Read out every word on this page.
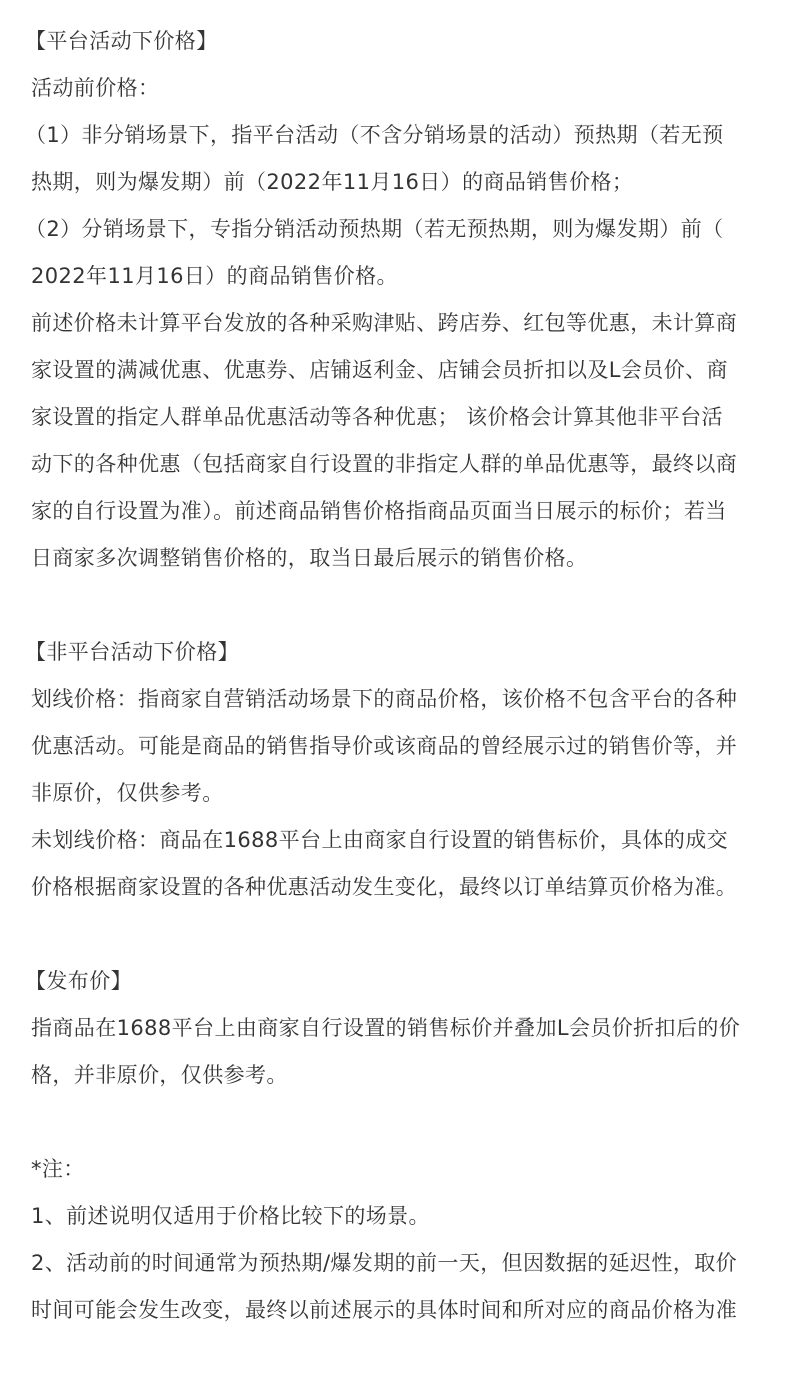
【平台活动下价格】
活动前价格：
（1）非分销场景下，指平台活动（不含分销场景的活动）预热期（若无预
热期，则为爆发期）前（2022年11月16日）的商品销售价格；
（2）分销场景下，专指分销活动预热期（若无预热期，则为爆发期）前（
2022年11月16日）的商品销售价格。
前述价格未计算平台发放的各种采购津贴、跨店券、红包等优惠，未计算商
家设置的满减优惠、优惠券、店铺返利金、店铺会员折扣以及L会员价、商
家设置的指定人群单品优惠活动等各种优惠； 该价格会计算其他非平台活
动下的各种优惠（包括商家自行设置的非指定人群的单品优惠等，最终以商
家的自行设置为准）。前述商品销售价格指商品页面当日展示的标价；若当
日商家多次调整销售价格的，取当日最后展示的销售价格。
【非平台活动下价格】
划线价格：指商家自营销活动场景下的商品价格，该价格不包含平台的各种
优惠活动。可能是商品的销售指导价或该商品的曾经展示过的销售价等，并
非原价，仅供参考。
未划线价格：商品在1688平台上由商家自行设置的销售标价，具体的成交
价格根据商家设置的各种优惠活动发生变化，最终以订单结算页价格为准。
【发布价】
指商品在1688平台上由商家自行设置的销售标价并叠加L会员价折扣后的价
格，并非原价，仅供参考。
*注：
1、前述说明仅适用于价格比较下的场景。
2、活动前的时间通常为预热期/爆发期的前一天，但因数据的延迟性，取价
时间可能会发生改变，最终以前述展示的具体时间和所对应的商品价格为准
